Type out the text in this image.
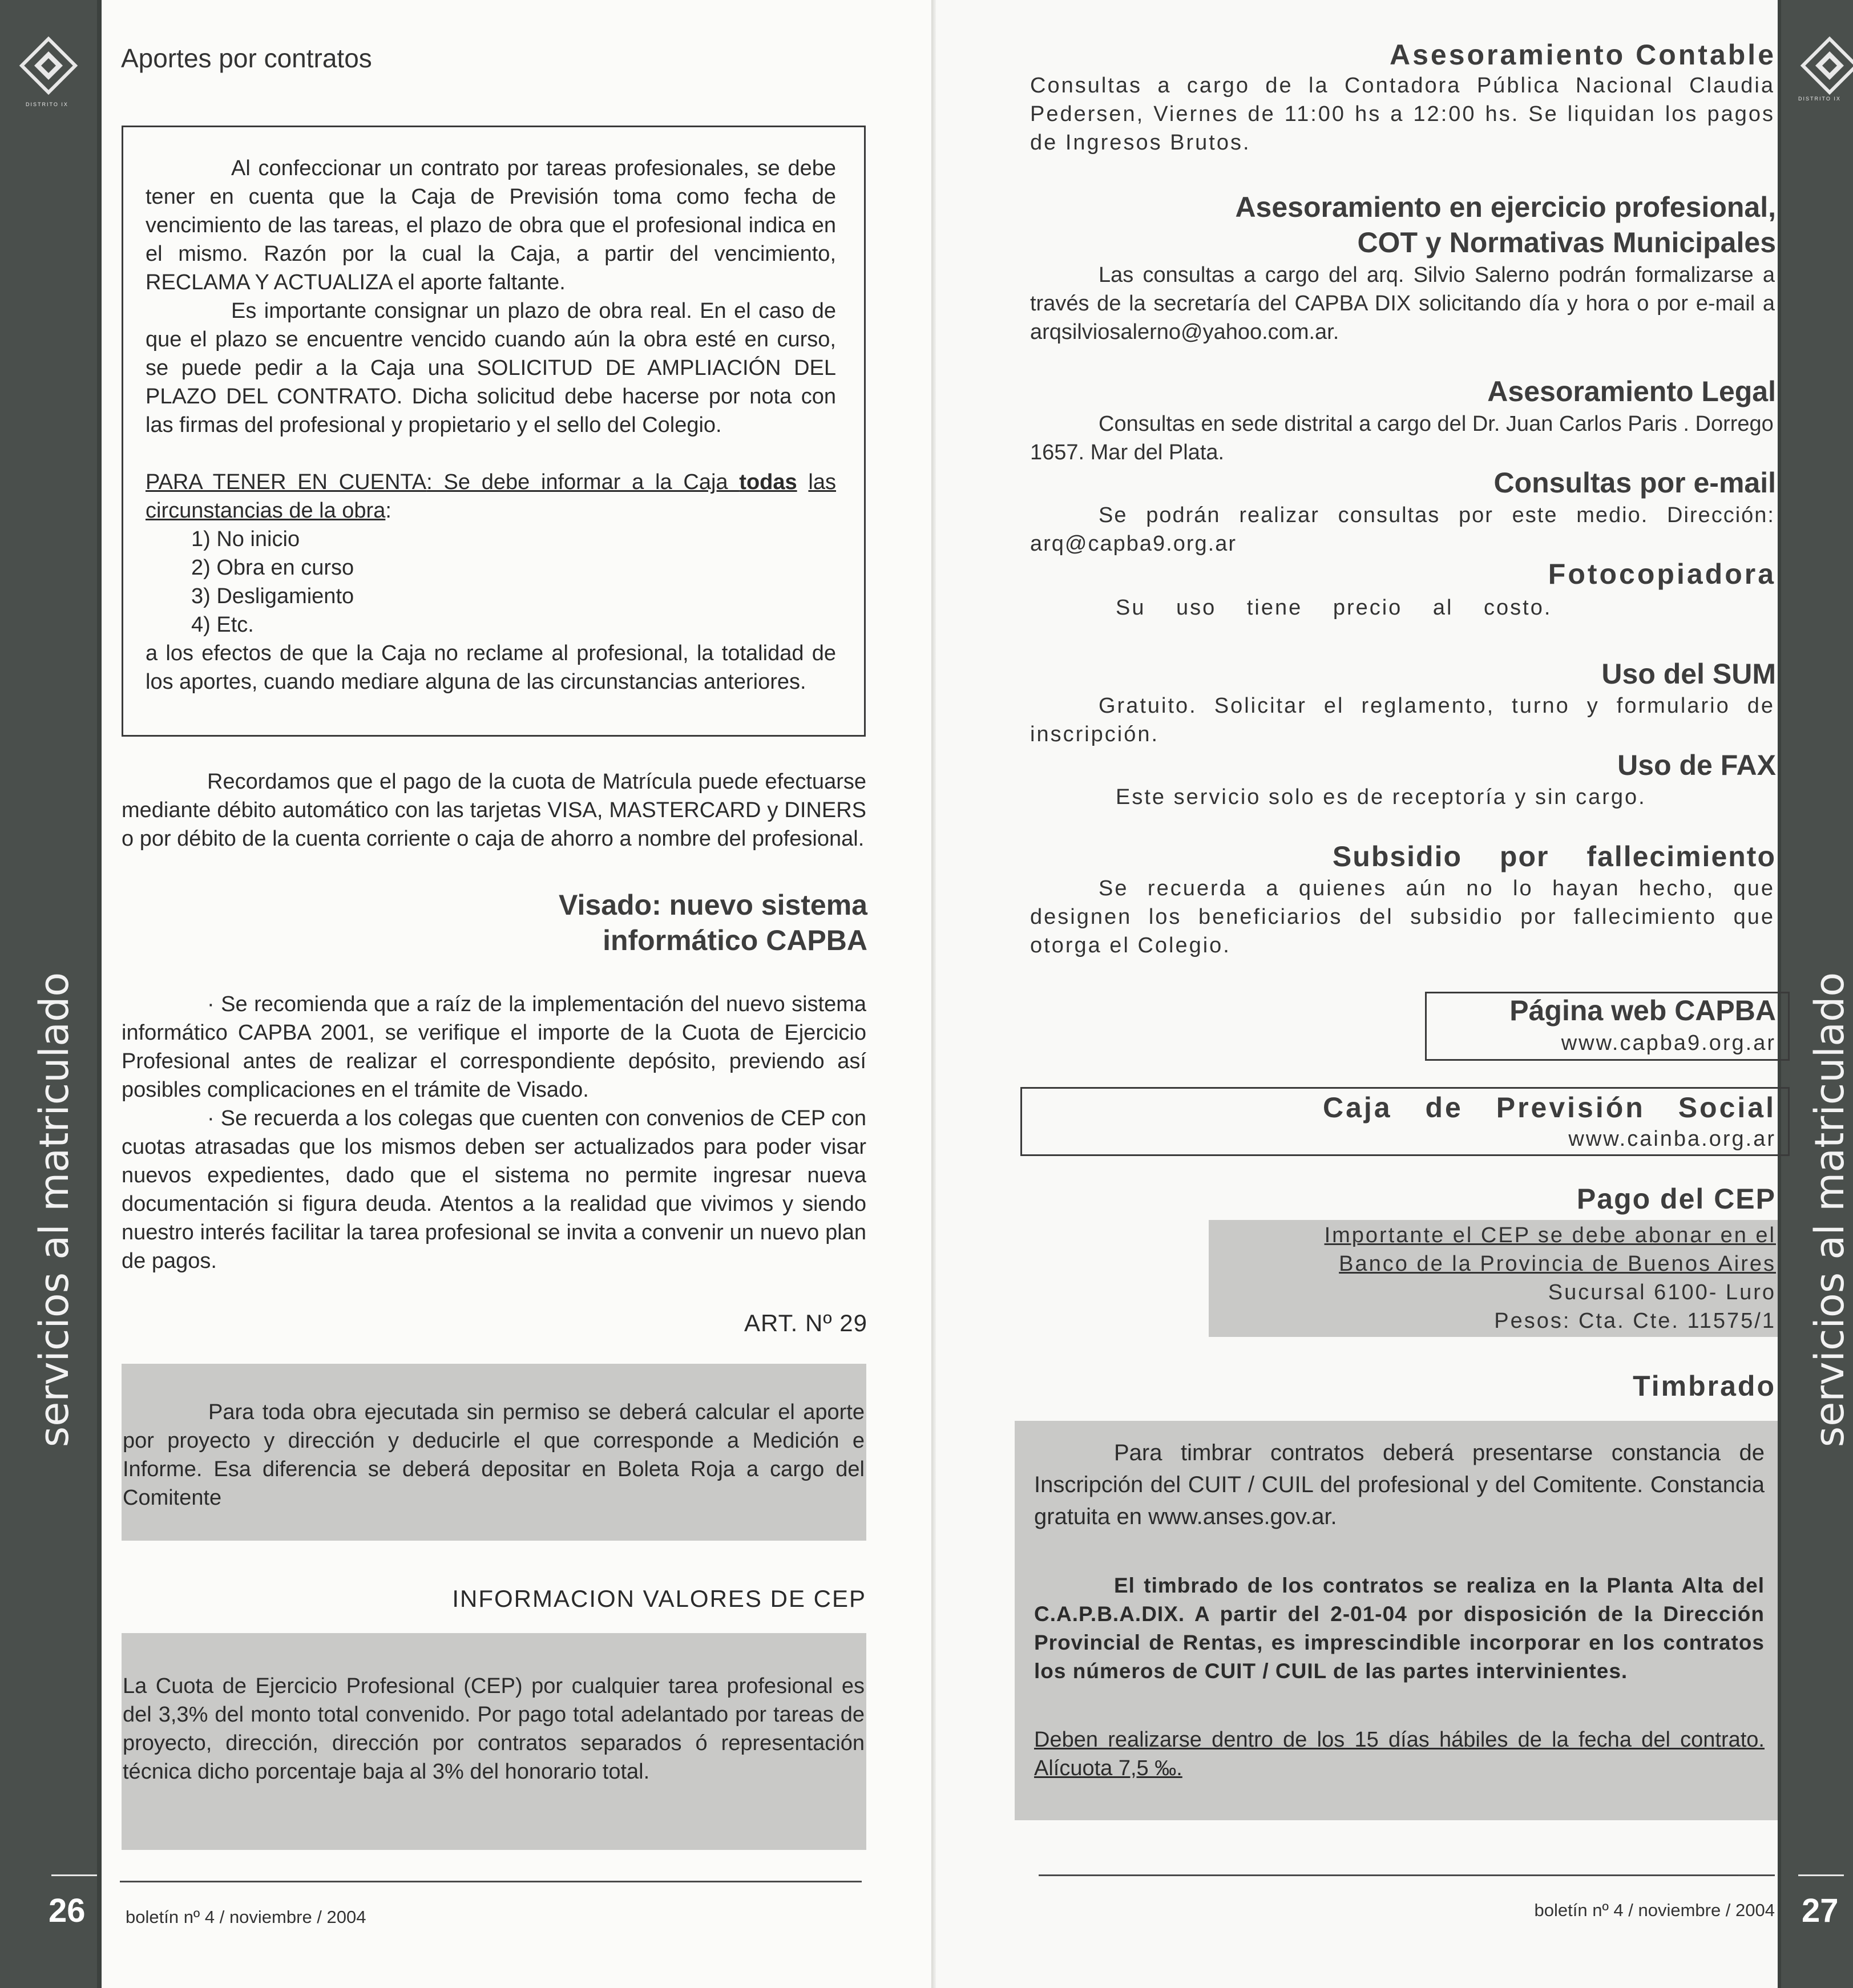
DISTRITO IX
servicios al matriculado
26
Aportes por contratos

Al confeccionar un contrato por tareas profesionales, se debe tener en cuenta que la Caja de Previsión toma como fecha de vencimiento de las tareas, el plazo de obra que el profesional indica en el mismo. Razón por la cual la Caja, a partir del vencimiento, RECLAMA Y ACTUALIZA el aporte faltante.

Es importante consignar un plazo de obra real. En el caso de que el plazo se encuentre vencido cuando aún la obra esté en curso, se puede pedir a la Caja una SOLICITUD DE AMPLIACIÓN DEL PLAZO DEL CONTRATO. Dicha solicitud debe hacerse por nota con las firmas del profesional y propietario y el sello del Colegio.

PARA TENER EN CUENTA: Se debe informar a la Caja todas las circunstancias de la obra:

1) No inicio

2) Obra en curso

3) Desligamiento

4) Etc.

a los efectos de que la Caja no reclame al profesional, la totalidad de los aportes, cuando mediare alguna de las circunstancias anteriores.

Recordamos que el pago de la cuota de Matrícula puede efectuarse mediante débito automático con las tarjetas VISA, MASTERCARD y DINERS o por débito de la cuenta corriente o caja de ahorro a nombre del profesional.

Visado: nuevo sistema
informático CAPBA

· Se recomienda que a raíz de la implementación del nuevo sistema informático CAPBA 2001, se verifique el importe de la Cuota de Ejercicio Profesional antes de realizar el correspondiente depósito, previendo así posibles complicaciones en el trámite de Visado.

· Se recuerda a los colegas que cuenten con convenios de CEP con cuotas atrasadas que los mismos deben ser actualizados para poder visar nuevos expedientes, dado que el sistema no permite ingresar nueva documentación si figura deuda. Atentos a la realidad que vivimos y siendo nuestro interés facilitar la tarea profesional se invita a convenir un nuevo plan de pagos.

ART. Nº 29

Para toda obra ejecutada sin permiso se deberá calcular el aporte por proyecto y dirección y deducirle el que corresponde a Medición e Informe. Esa diferencia se deberá depositar en Boleta Roja a cargo del Comitente

INFORMACION VALORES DE CEP

La Cuota de Ejercicio Profesional (CEP) por cualquier tarea profesional es del 3,3% del monto total convenido. Por pago total adelantado por tareas de proyecto, dirección, dirección por contratos separados ó representación técnica dicho porcentaje baja al 3% del honorario total.

boletín nº 4 / noviembre / 2004
DISTRITO IX
servicios al matriculado
27
Asesoramiento Contable
Consultas a cargo de la Contadora Pública Nacional Claudia Pedersen, Viernes de 11:00 hs a 12:00 hs. Se liquidan los pagos de Ingresos Brutos.
Asesoramiento en ejercicio profesional,
COT y Normativas Municipales
Las consultas a cargo del arq. Silvio Salerno podrán formalizarse a través de la secretaría del CAPBA DIX solicitando día y hora o por e-mail a arqsilviosalerno@yahoo.com.ar.
Asesoramiento Legal
Consultas en sede distrital a cargo del Dr. Juan Carlos Paris . Dorrego 1657. Mar del Plata.
Consultas por e-mail
Se podrán realizar consultas por este medio. Dirección: arq@capba9.org.ar
Fotocopiadora
Su uso tiene precio al costo.
Uso del SUM
Gratuito. Solicitar el reglamento, turno y formulario de inscripción.
Uso de FAX
Este servicio solo es de receptoría y sin cargo.
Subsidio por fallecimiento
Se recuerda a quienes aún no lo hayan hecho, que designen los beneficiarios del subsidio por fallecimiento que otorga el Colegio.
Página web CAPBA
www.capba9.org.ar
Caja de Previsión Social
www.cainba.org.ar
Pago del CEP
Importante el CEP se debe abonar en el
Banco de la Provincia de Buenos Aires
Sucursal 6100- Luro
Pesos: Cta. Cte. 11575/1
Timbrado

Para timbrar contratos deberá presentarse constancia de Inscripción del CUIT / CUIL del profesional y del Comitente. Constancia gratuita en www.anses.gov.ar.

El timbrado de los contratos se realiza en la Planta Alta del C.A.P.B.A.DIX. A partir del 2-01-04 por disposición de la Dirección Provincial de Rentas, es imprescindible incorporar en los contratos los números de CUIT / CUIL de las partes intervinientes.

Deben realizarse dentro de los 15 días hábiles de la fecha del contrato. Alícuota 7,5 ‰.

boletín nº 4 / noviembre / 2004
